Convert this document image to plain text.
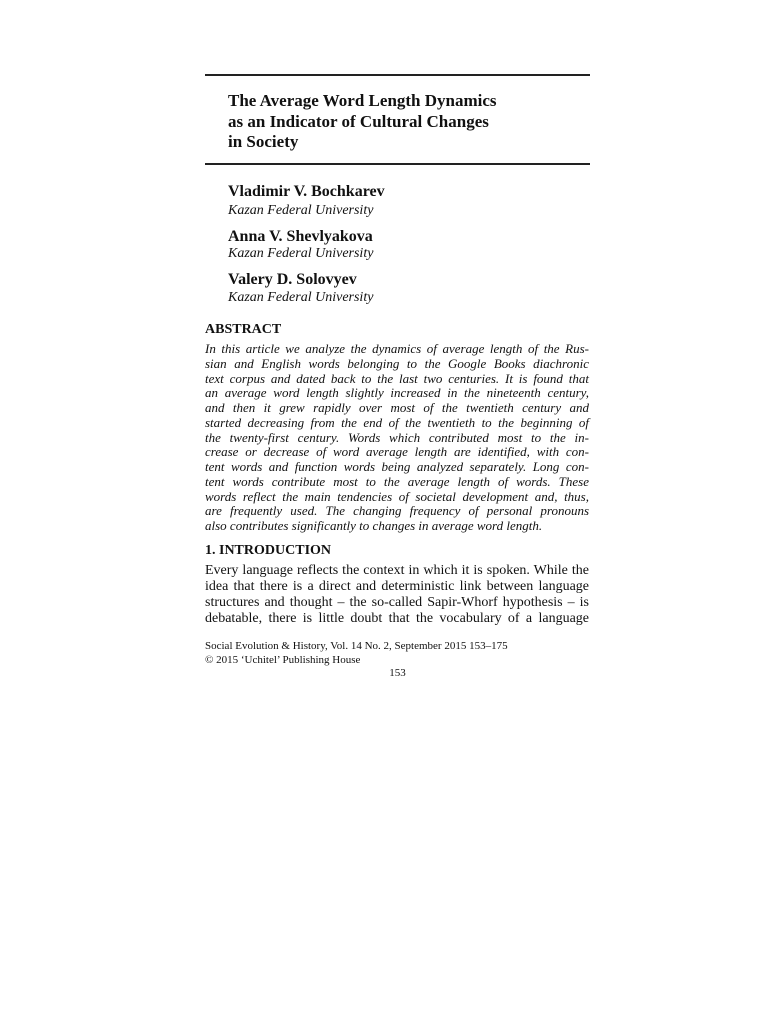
The Average Word Length Dynamics
as an Indicator of Cultural Changes
in Society
Vladimir V. Bochkarev
Kazan Federal University
Anna V. Shevlyakova
Kazan Federal University
Valery D. Solovyev
Kazan Federal University
ABSTRACT
In this article we analyze the dynamics of average length of the Rus-
sian and English words belonging to the Google Books diachronic
text corpus and dated back to the last two centuries. It is found that
an average word length slightly increased in the nineteenth century,
and then it grew rapidly over most of the twentieth century and
started decreasing from the end of the twentieth to the beginning of
the twenty-first century. Words which contributed most to the in-
crease or decrease of word average length are identified, with con-
tent words and function words being analyzed separately. Long con-
tent words contribute most to the average length of words. These
words reflect the main tendencies of societal development and, thus,
are frequently used. The changing frequency of personal pronouns
also contributes significantly to changes in average word length.
1. INTRODUCTION
Every language reflects the context in which it is spoken. While the
idea that there is a direct and deterministic link between language
structures and thought – the so-called Sapir-Whorf hypothesis – is
debatable, there is little doubt that the vocabulary of a language
Social Evolution & History, Vol. 14 No. 2, September 2015 153–175
© 2015 ‘Uchitel’ Publishing House
153
